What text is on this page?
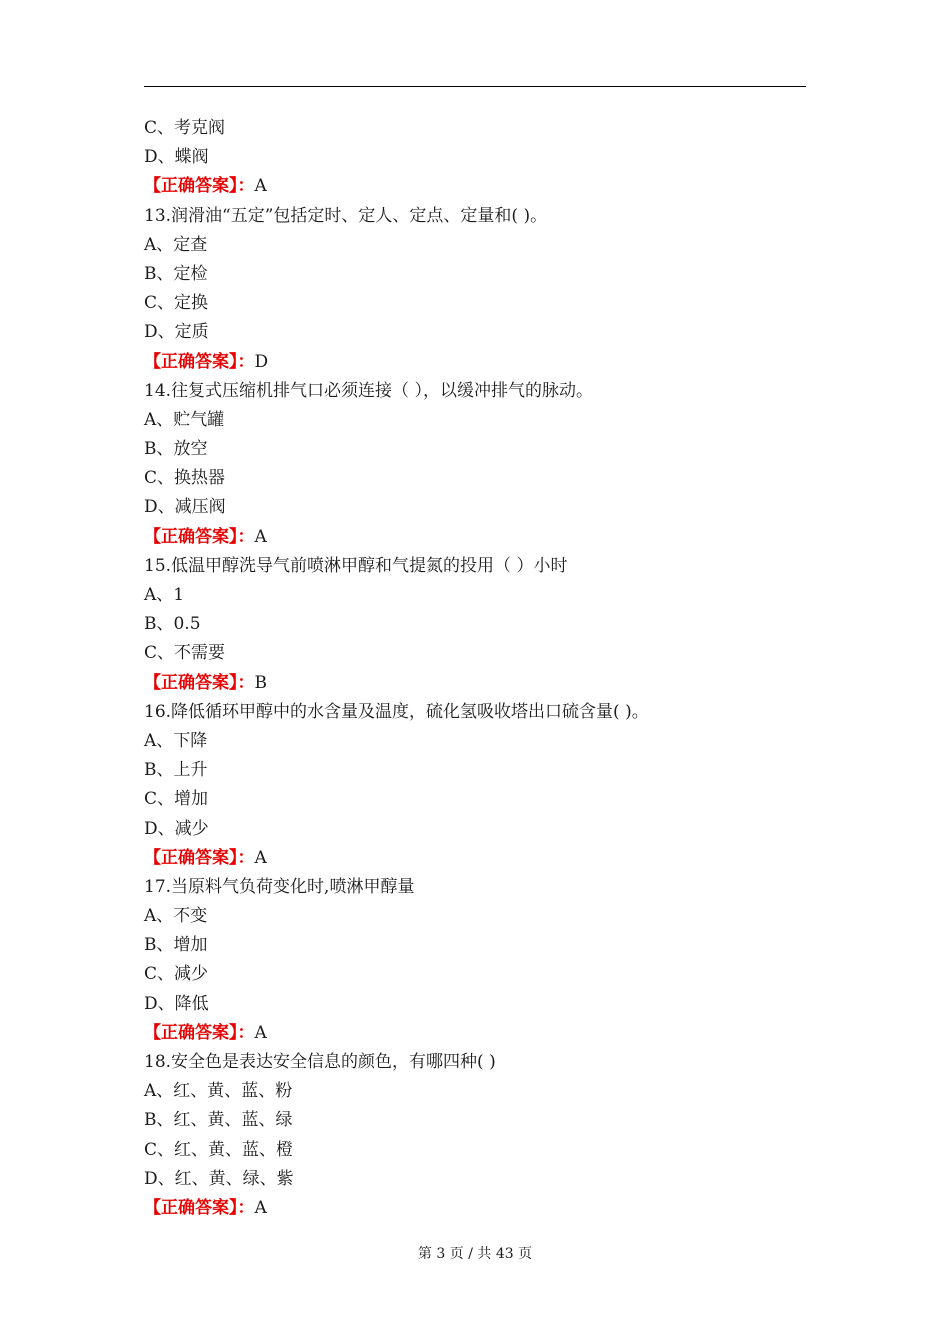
C、考克阀
D、蝶阀
【正确答案】：A
13.润滑油“五定”包括定时、定人、定点、定量和( )。
A、定查
B、定检
C、定换
D、定质
【正确答案】：D
14.往复式压缩机排气口必须连接（ ），以缓冲排气的脉动。
A、贮气罐
B、放空
C、换热器
D、减压阀
【正确答案】：A
15.低温甲醇洗导气前喷淋甲醇和气提氮的投用（ ）小时
A、1
B、0.5
C、不需要
【正确答案】：B
16.降低循环甲醇中的水含量及温度，硫化氢吸收塔出口硫含量( )。
A、下降
B、上升
C、增加
D、减少
【正确答案】：A
17.当原料气负荷变化时,喷淋甲醇量
A、不变
B、增加
C、减少
D、降低
【正确答案】：A
18.安全色是表达安全信息的颜色，有哪四种( )
A、红、黄、蓝、粉
B、红、黄、蓝、绿
C、红、黄、蓝、橙
D、红、黄、绿、紫
【正确答案】：A
第 3 页 / 共 43 页
